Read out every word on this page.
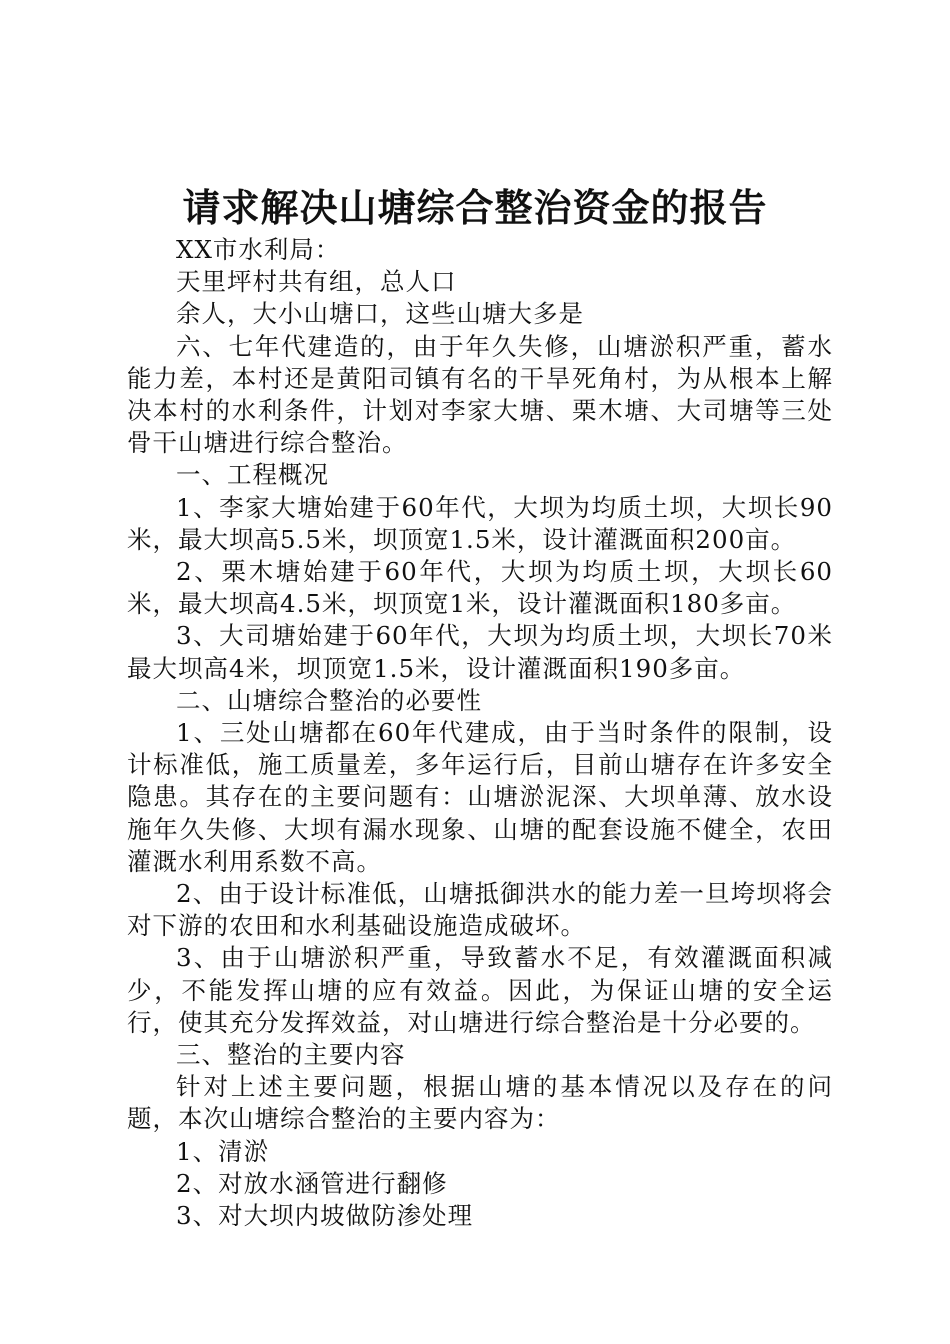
请求解决山塘综合整治资金的报告

XX市水利局：

天里坪村共有组，总人口

余人，大小山塘口，这些山塘大多是

六、七年代建造的，由于年久失修，山塘淤积严重，蓄水能力差，本村还是黄阳司镇有名的干旱死角村，为从根本上解决本村的水利条件，计划对李家大塘、栗木塘、大司塘等三处骨干山塘进行综合整治。

一、工程概况

1、李家大塘始建于60年代，大坝为均质土坝，大坝长90米，最大坝高5.5米，坝顶宽1.5米，设计灌溉面积200亩。

2、栗木塘始建于60年代，大坝为均质土坝，大坝长60米，最大坝高4.5米，坝顶宽1米，设计灌溉面积180多亩。

3、大司塘始建于60年代，大坝为均质土坝，大坝长70米最大坝高4米，坝顶宽1.5米，设计灌溉面积190多亩。

二、山塘综合整治的必要性

1、三处山塘都在60年代建成，由于当时条件的限制，设计标准低，施工质量差，多年运行后，目前山塘存在许多安全隐患。其存在的主要问题有：山塘淤泥深、大坝单薄、放水设施年久失修、大坝有漏水现象、山塘的配套设施不健全，农田灌溉水利用系数不高。

2、由于设计标准低，山塘抵御洪水的能力差一旦垮坝将会对下游的农田和水利基础设施造成破坏。

3、由于山塘淤积严重，导致蓄水不足，有效灌溉面积减少，不能发挥山塘的应有效益。因此，为保证山塘的安全运行，使其充分发挥效益，对山塘进行综合整治是十分必要的。

三、整治的主要内容

针对上述主要问题，根据山塘的基本情况以及存在的问题，本次山塘综合整治的主要内容为：

1、清淤

2、对放水涵管进行翻修

3、对大坝内坡做防渗处理
